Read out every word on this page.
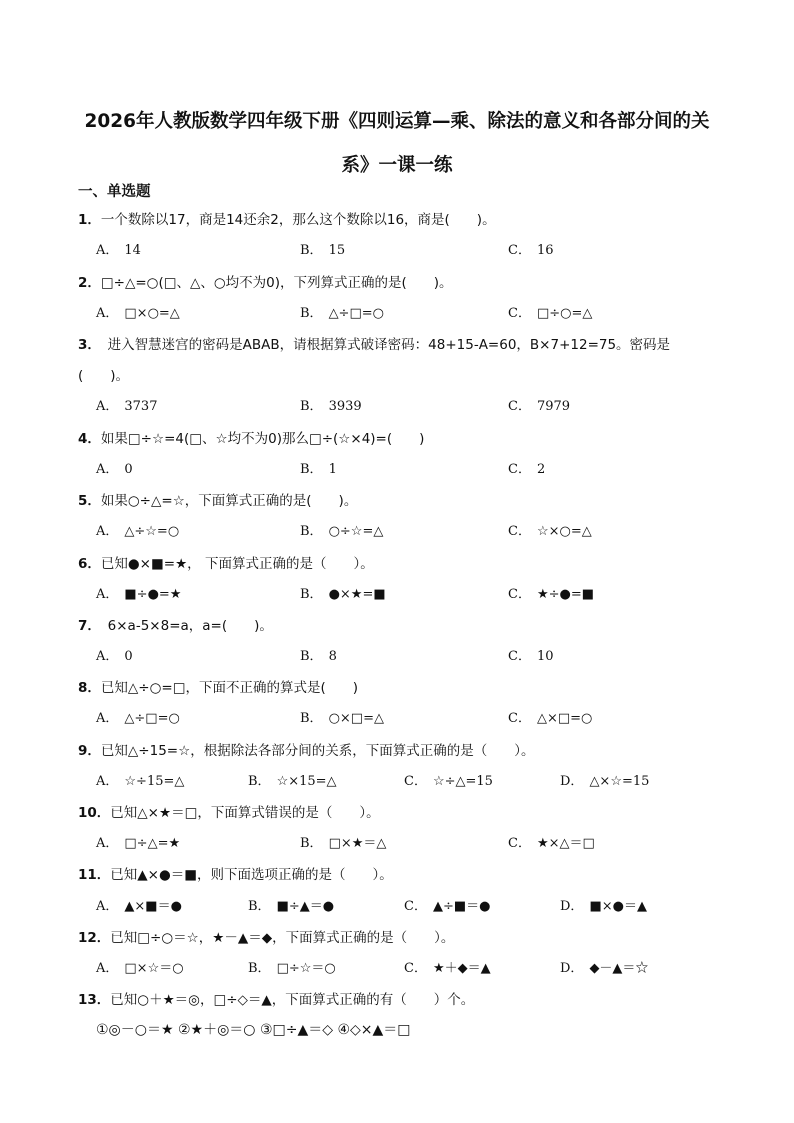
2026年人教版数学四年级下册《四则运算—乘、除法的意义和各部分间的关
系》一课一练
一、单选题
1．一个数除以17，商是14还余2，那么这个数除以16，商是(　　)。
A． 14	B． 15	C． 16
2．□÷△=○(□、△、○均不为0)，下列算式正确的是(　　)。
A． □×○=△	B． △÷□=○	C． □÷○=△
3．　进入智慧迷宫的密码是ABAB，请根据算式破译密码：48+15-A=60，B×7+12=75。密码是
(　　)。
A． 3737	B． 3939	C． 7979
4．如果□÷☆=4(□、☆均不为0)那么□÷(☆×4)=(　　)
A． 0	B． 1	C． 2
5．如果○÷△=☆，下面算式正确的是(　　)。
A． △÷☆=○	B． ○÷☆=△	C． ☆×○=△
6．已知●×■=★， 下面算式正确的是（　　）。
A． ■÷●=★	B． ●×★=■	C． ★÷●=■
7．　6×a-5×8=a，a=(　　)。
A． 0	B． 8	C． 10
8．已知△÷○=□，下面不正确的算式是(　　)
A． △÷□=○	B． ○×□=△	C． △×□=○
9．已知△÷15=☆，根据除法各部分间的关系，下面算式正确的是（　　）。
A． ☆÷15=△	B． ☆×15=△	C． ☆÷△=15	D． △×☆=15
10．已知△×★＝□，下面算式错误的是（　　）。
A． □÷△=★	B． □×★＝△	C． ★×△＝□
11．已知▲×●＝■，则下面选项正确的是（　　）。
A． ▲×■＝●	B． ■÷▲＝●	C． ▲÷■＝●	D． ■×●＝▲
12．已知□÷○＝☆，★－▲＝◆，下面算式正确的是（　　）。
A． □×☆＝○	B． □÷☆＝○	C． ★＋◆＝▲	D． ◆－▲＝☆
13．已知○＋★＝◎，□÷◇＝▲，下面算式正确的有（　　）个。
①◎－○＝★ ②★＋◎＝○ ③□÷▲＝◇ ④◇×▲＝□
